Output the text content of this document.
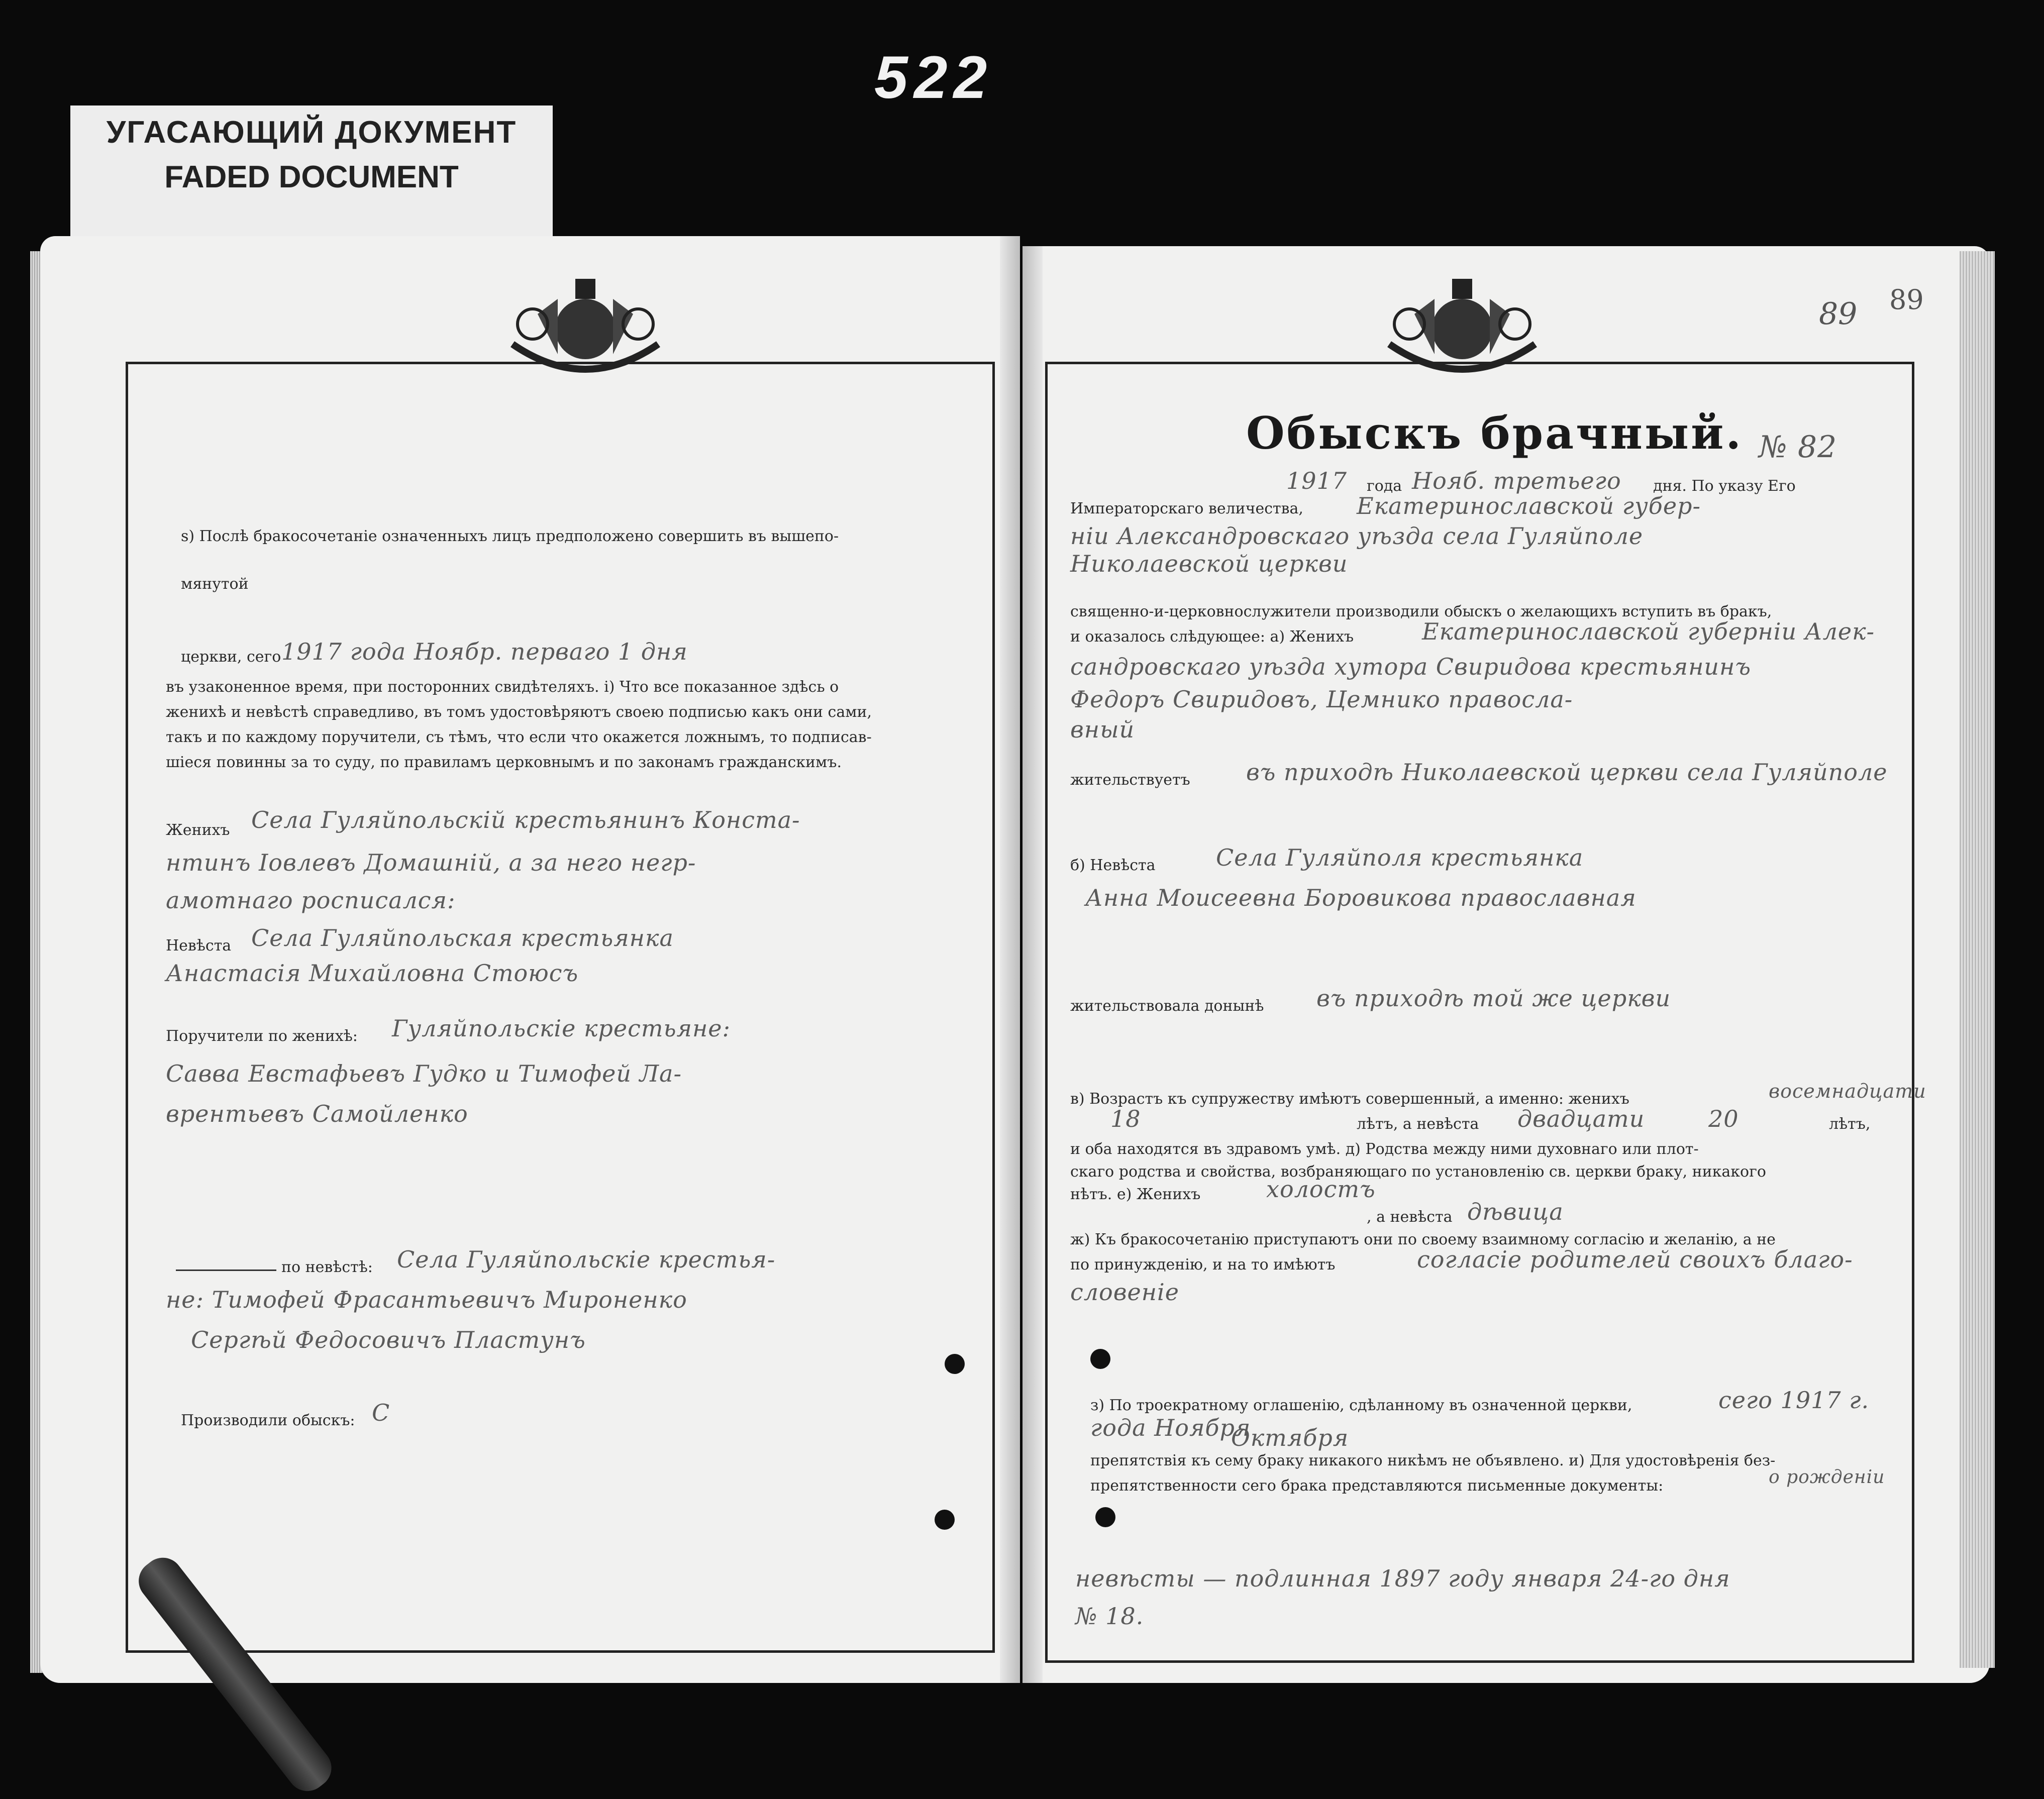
522
УГАСАЮЩИЙ ДОКУМЕНТ
FADED DOCUMENT
ѕ) Послѣ бракосочетаніе означенныхъ лицъ предположено совершить въ вышепо-
мянутой
церкви, сего 1917 года Ноябр. перваго 1 дня
въ узаконенное время, при посторонних свидѣтеляхъ. і) Что все показанное здѣсь о
женихѣ и невѣстѣ справедливо, въ томъ удостовѣряютъ своею подписью какъ они сами,
такъ и по каждому поручители, съ тѣмъ, что если что окажется ложнымъ, то подписав-
шіеся повинны за то суду, по правиламъ церковнымъ и по законамъ гражданскимъ.
Женихъ Села Гуляйпольскій крестьянинъ Конста-
нтинъ Іовлевъ Домашній, а за него негр-
амотнаго росписался:
Невѣста Села Гуляйпольская крестьянка
Анастасія Михайловна Стоюсъ
Поручители по женихѣ: Гуляйпольскіе крестьяне:
Савва Евстафьевъ Гудко и Тимофей Ла-
врентьевъ Самойленко
по невѣстѣ: Села Гуляйпольскіе крестья-
не: Тимофей Фрасантьевичъ Мироненко
Сергѣй Федосовичъ Пластунъ
Производили обыскъ: С
89 89
Обыскъ брачный. № 82
1917 года Нояб. третьего дня. По указу Его
Императорскаго величества, Екатеринославской губер-
ніи Александровскаго уѣзда села Гуляйполе
Николаевской церкви
священно-и-церковнослужители производили обыскъ о желающихъ вступить въ бракъ,
и оказалось слѣдующее: а) Женихъ	Екатеринославской губерніи Алек-
сандровскаго уѣзда хутора Свиридова крестьянинъ
Федоръ Свиридовъ, Цемнико правосла-
вный
жительствуетъ въ приходѣ Николаевской церкви села Гуляйполе
б) Невѣста	Села Гуляйполя крестьянка
Анна Моисеевна Боровикова православная
жительствовала донынѣ въ приходѣ той же церкви
в) Возрастъ къ супружеству имѣютъ совершенный, а именно: женихъ	восемнадцати
18	лѣтъ, а невѣста двадцати	20	лѣтъ,
и оба находятся въ здравомъ умѣ. д) Родства между ними духовнаго или плот-
скаго родства и свойства, возбраняющаго по установленію св. церкви браку, никакого
нѣтъ. е) Женихъ	холостъ
, а невѣста дѣвица
ж) Къ бракосочетанію приступаютъ они по своему взаимному согласію и желанію, а не
по принужденію, и на то имѣютъ	согласіе родителей своихъ благо-
словеніе
з) По троекратному оглашенію, сдѣланному въ означенной церкви,	сего 1917 г.
года Ноября
Октября
препятствія къ сему браку никакого никѣмъ не объявлено. и) Для удостовѣренія без-
препятственности сего брака представляются письменные документы:	о рожденіи
невѣсты — подлинная 1897 году января 24-го дня
№ 18.
